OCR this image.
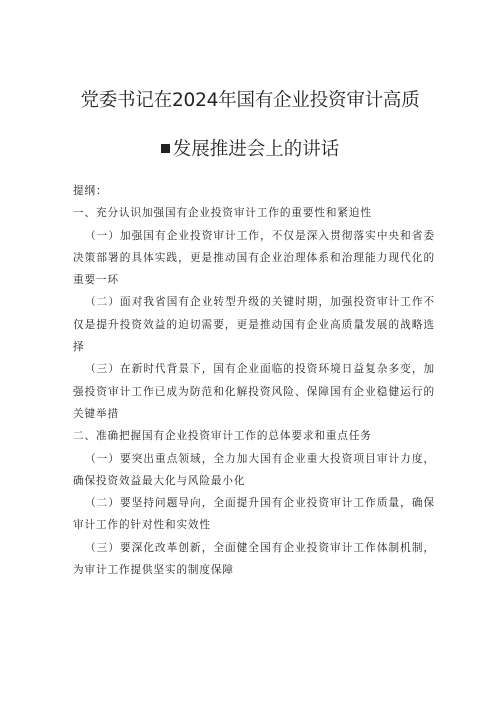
党委书记在2024年国有企业投资审计高质
发展推进会上的讲话

提纲：

一、充分认识加强国有企业投资审计工作的重要性和紧迫性

（一）加强国有企业投资审计工作，不仅是深入贯彻落实中央和省委决策部署的具体实践，更是推动国有企业治理体系和治理能力现代化的重要一环

（二）面对我省国有企业转型升级的关键时期，加强投资审计工作不仅是提升投资效益的迫切需要，更是推动国有企业高质量发展的战略选择

（三）在新时代背景下，国有企业面临的投资环境日益复杂多变，加强投资审计工作已成为防范和化解投资风险、保障国有企业稳健运行的关键举措

二、准确把握国有企业投资审计工作的总体要求和重点任务

（一）要突出重点领域，全力加大国有企业重大投资项目审计力度，确保投资效益最大化与风险最小化

（二）要坚持问题导向，全面提升国有企业投资审计工作质量，确保审计工作的针对性和实效性

（三）要深化改革创新，全面健全国有企业投资审计工作体制机制，为审计工作提供坚实的制度保障
